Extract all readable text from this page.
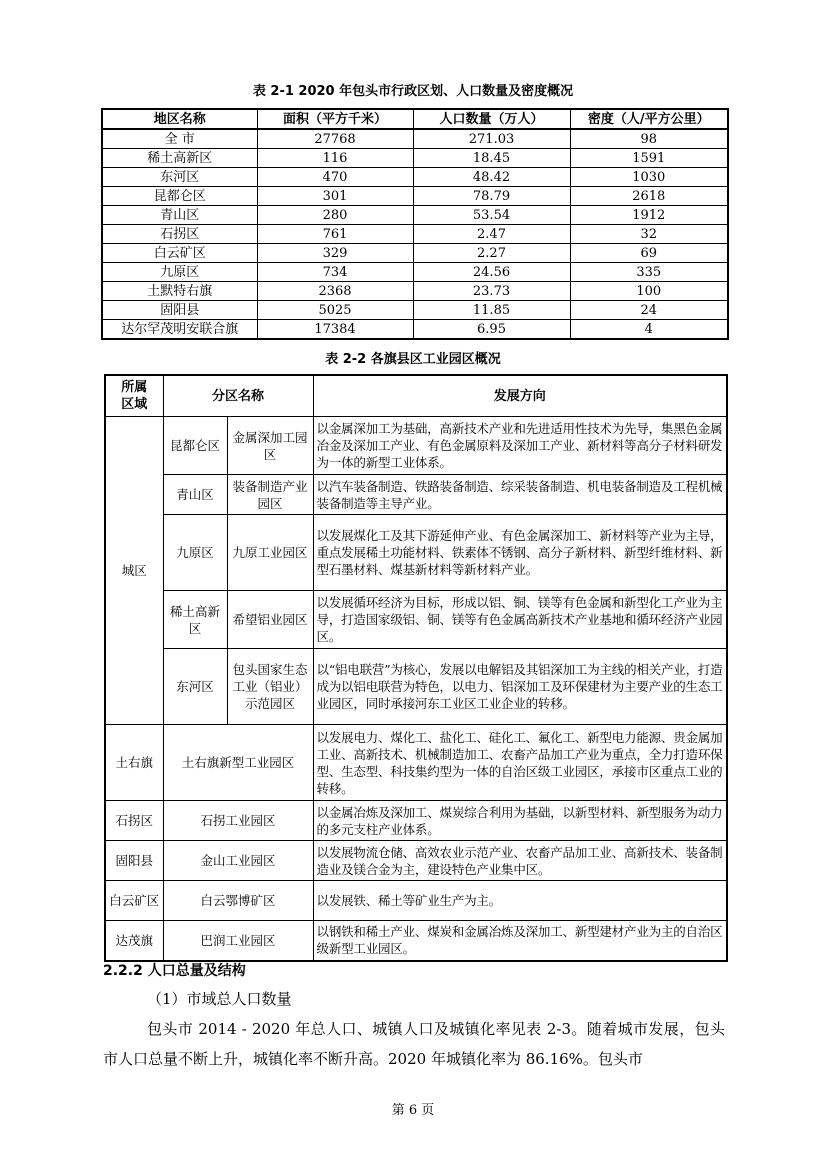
表 2-1 2020 年包头市行政区划、人口数量及密度概况
地区名称	面积（平方千米）	人口数量（万人）	密度（人/平方公里）
全 市	27768	271.03	98
稀土高新区	116	18.45	1591
东河区	470	48.42	1030
昆都仑区	301	78.79	2618
青山区	280	53.54	1912
石拐区	761	2.47	32
白云矿区	329	2.27	69
九原区	734	24.56	335
土默特右旗	2368	23.73	100
固阳县	5025	11.85	24
达尔罕茂明安联合旗	17384	6.95	4
表 2-2 各旗县区工业园区概况
所属区域	分区名称		发展方向
城区	昆都仑区	金属深加工园区	以金属深加工为基础，高新技术产业和先进适用性技术为先导，集黑色金属冶金及深加工产业、有色金属原料及深加工产业、新材料等高分子材料研发为一体的新型工业体系。
	青山区	装备制造产业园区	以汽车装备制造、铁路装备制造、综采装备制造、机电装备制造及工程机械装备制造等主导产业。
	九原区	九原工业园区	以发展煤化工及其下游延伸产业、有色金属深加工、新材料等产业为主导，重点发展稀土功能材料、铁素体不锈钢、高分子新材料、新型纤维材料、新型石墨材料、煤基新材料等新材料产业。
	稀土高新区	希望铝业园区	以发展循环经济为目标，形成以铝、铜、镁等有色金属和新型化工产业为主导，打造国家级铝、铜、镁等有色金属高新技术产业基地和循环经济产业园区。
	东河区	包头国家生态工业（铝业）示范园区	以“铝电联营”为核心，发展以电解铝及其铝深加工为主线的相关产业，打造成为以铝电联营为特色，以电力、铝深加工及环保建材为主要产业的生态工业园区，同时承接河东工业区工业企业的转移。
土右旗	土右旗新型工业园区		以发展电力、煤化工、盐化工、硅化工、氟化工、新型电力能源、贵金属加工业、高新技术、机械制造加工、农畜产品加工产业为重点，全力打造环保型、生态型、科技集约型为一体的自治区级工业园区，承接市区重点工业的转移。
石拐区	石拐工业园区		以金属冶炼及深加工、煤炭综合利用为基础，以新型材料、新型服务为动力的多元支柱产业体系。
固阳县	金山工业园区		以发展物流仓储、高效农业示范产业、农畜产品加工业、高新技术、装备制造业及镁合金为主，建设特色产业集中区。
白云矿区	白云鄂博矿区		以发展铁、稀土等矿业生产为主。
达茂旗	巴润工业园区		以钢铁和稀土产业、煤炭和金属冶炼及深加工、新型建材产业为主的自治区级新型工业园区。
2.2.2 人口总量及结构
（1）市域总人口数量
包头市 2014 - 2020 年总人口、城镇人口及城镇化率见表 2-3。随着城市发展，包头市人口总量不断上升，城镇化率不断升高。2020 年城镇化率为 86.16%。包头市
第 6 页
